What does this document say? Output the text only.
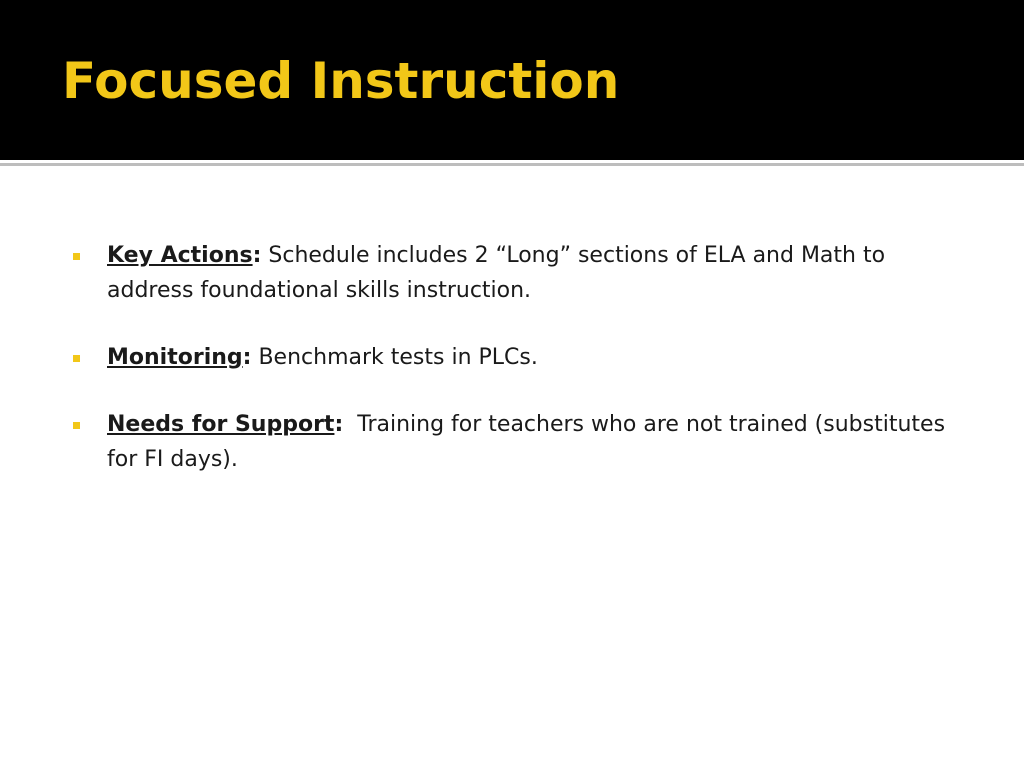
Focused Instruction
Key Actions: Schedule includes 2 “Long” sections of ELA and Math to address foundational skills instruction.
Monitoring: Benchmark tests in PLCs.
Needs for Support:  Training for teachers who are not trained (substitutes for FI days).
